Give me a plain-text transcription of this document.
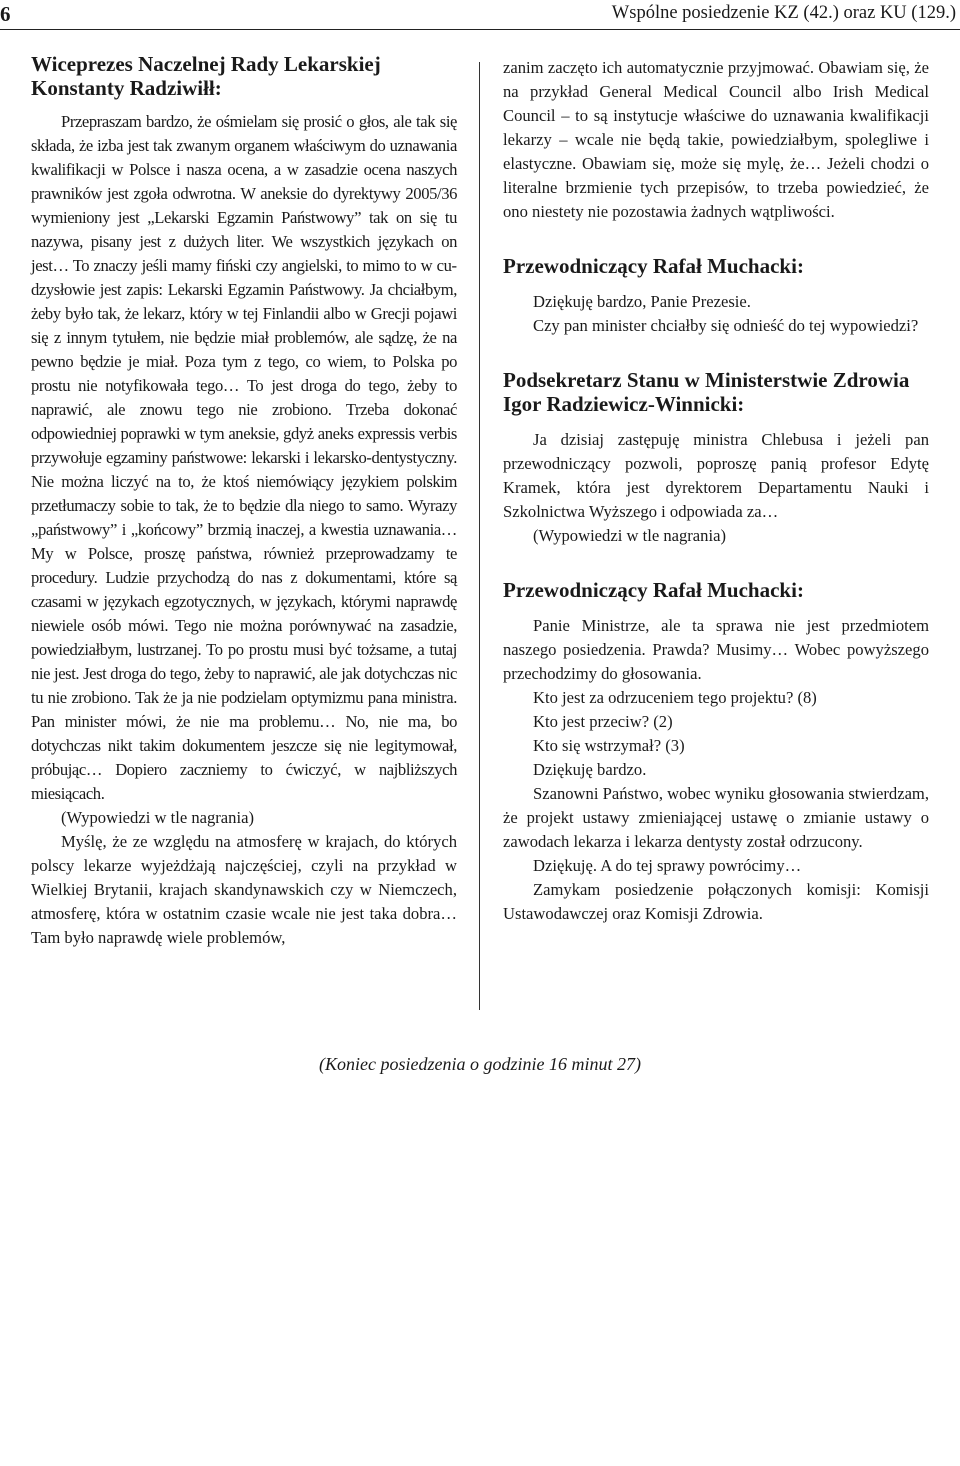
6	Wspólne posiedzenie KZ (42.) oraz KU (129.)

Wiceprezes Naczelnej Rady Lekarskiej Konstanty Radziwiłł:

Przepraszam bardzo, że ośmielam się prosić o głos, ale tak się składa, że izba jest tak zwanym organem właściwym do uznawania kwalifikacji w Polsce i nasza ocena, a w zasadzie ocena naszych prawników jest zgoła odwrotna. W aneksie do dyrektywy 2005/36 wymieniony jest „Lekarski Egzamin Państwowy” tak on się tu nazywa, pisany jest z dużych liter. We wszystkich językach on jest… To znaczy jeśli mamy fiński czy angielski, to mimo to w cudzysłowie jest zapis: Lekarski Egzamin Państwowy. Ja chciałbym, żeby było tak, że lekarz, który w tej Finlandii albo w Grecji pojawi się z innym tytułem, nie będzie miał problemów, ale sądzę, że na pewno będzie je miał. Poza tym z tego, co wiem, to Polska po prostu nie notyfikowała tego… To jest droga do tego, żeby to naprawić, ale znowu tego nie zrobiono. Trzeba dokonać odpowiedniej poprawki w tym aneksie, gdyż aneks expressis verbis przywołuje egzaminy państwowe: lekarski i lekarsko-dentystyczny. Nie można liczyć na to, że ktoś niemówiący językiem polskim przetłumaczy sobie to tak, że to będzie dla niego to samo. Wyrazy „państwowy” i „końcowy” brzmią inaczej, a kwestia uznawania… My w Polsce, proszę państwa, również przeprowadzamy te procedury. Ludzie przychodzą do nas z dokumentami, które są czasami w językach egzotycznych, w językach, którymi naprawdę niewiele osób mówi. Tego nie można porównywać na zasadzie, powiedziałbym, lustrzanej. To po prostu musi być tożsame, a tutaj nie jest. Jest droga do tego, żeby to naprawić, ale jak dotychczas nic tu nie zrobiono. Tak że ja nie podzielam optymizmu pana ministra. Pan minister mówi, że nie ma problemu… No, nie ma, bo dotychczas nikt takim dokumentem jeszcze się nie legitymował, próbując… Dopiero zaczniemy to ćwiczyć, w najbliższych miesiącach.

(Wypowiedzi w tle nagrania)

Myślę, że ze względu na atmosferę w krajach, do których polscy lekarze wyjeżdżają najczęściej, czyli na przykład w Wielkiej Brytanii, krajach skandynawskich czy w Niemczech, atmosferę, która w ostatnim czasie wcale nie jest taka dobra… Tam było naprawdę wiele problemów,

zanim zaczęto ich automatycznie przyjmować. Obawiam się, że na przykład General Medical Council albo Irish Medical Council – to są instytucje właściwe do uznawania kwalifikacji lekarzy – wcale nie będą takie, powiedziałbym, spolegliwe i elastyczne. Obawiam się, może się mylę, że… Jeżeli chodzi o literalne brzmienie tych przepisów, to trzeba powiedzieć, że ono niestety nie pozostawia żadnych wątpliwości.

Przewodniczący Rafał Muchacki:

Dziękuję bardzo, Panie Prezesie.

Czy pan minister chciałby się odnieść do tej wypowiedzi?

Podsekretarz Stanu w Ministerstwie Zdrowia Igor Radziewicz-Winnicki:

Ja dzisiaj zastępuję ministra Chlebusa i jeżeli pan przewodniczący pozwoli, poproszę panią profesor Edytę Kramek, która jest dyrektorem Departamentu Nauki i Szkolnictwa Wyższego i odpowiada za…

(Wypowiedzi w tle nagrania)

Przewodniczący Rafał Muchacki:

Panie Ministrze, ale ta sprawa nie jest przedmiotem naszego posiedzenia. Prawda? Musimy… Wobec powyższego przechodzimy do głosowania.

Kto jest za odrzuceniem tego projektu? (8)

Kto jest przeciw? (2)

Kto się wstrzymał? (3)

Dziękuję bardzo.

Szanowni Państwo, wobec wyniku głosowania stwierdzam, że projekt ustawy zmieniającej ustawę o zmianie ustawy o zawodach lekarza i lekarza dentysty został odrzucony.

Dziękuję. A do tej sprawy powrócimy…

Zamykam posiedzenie połączonych komisji: Komisji Ustawodawczej oraz Komisji Zdrowia.

(Koniec posiedzenia o godzinie 16 minut 27)
